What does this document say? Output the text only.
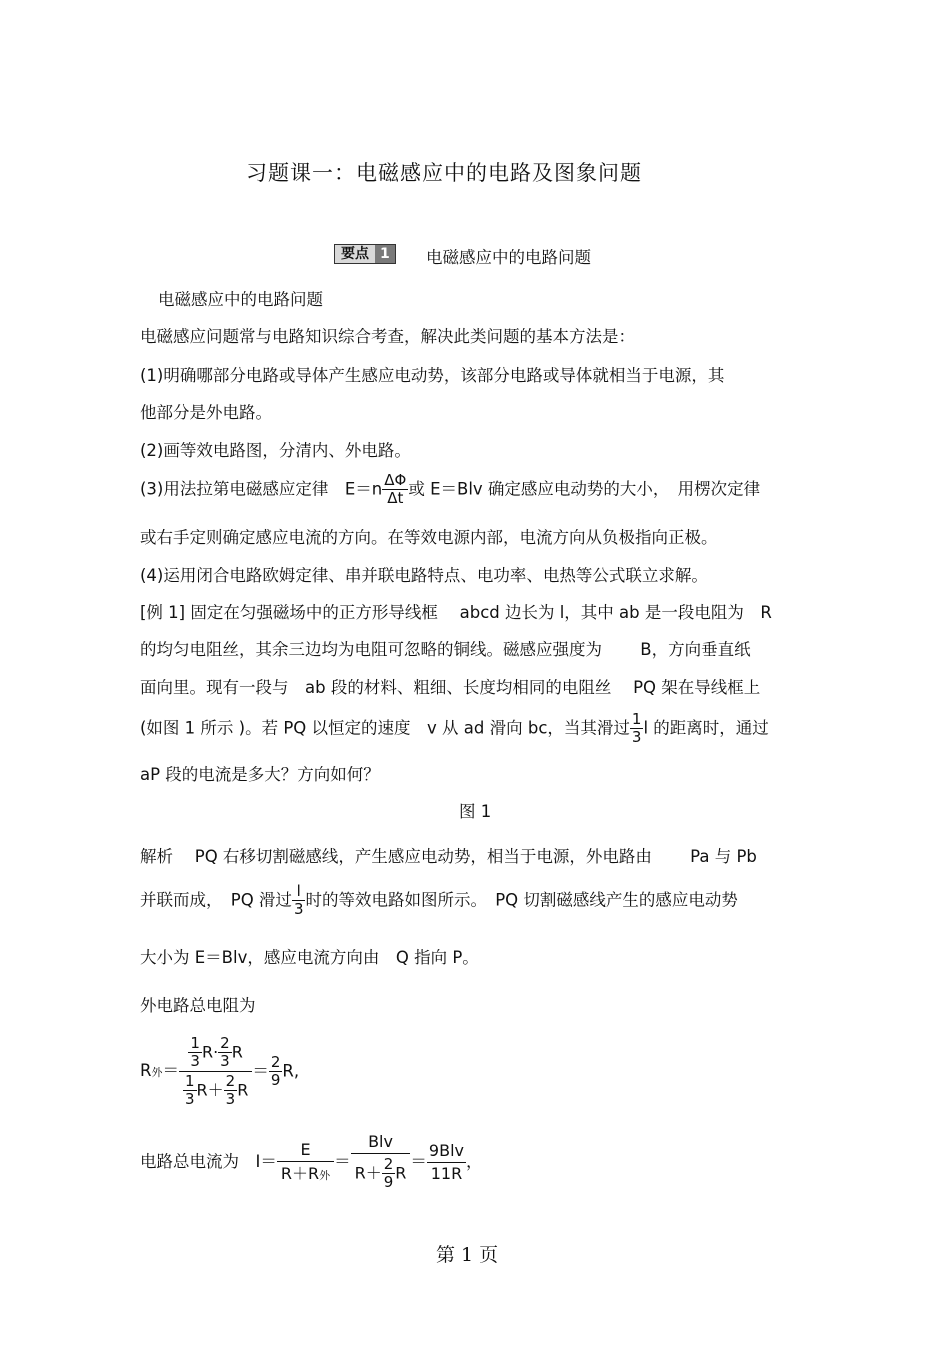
习题课一：电磁感应中的电路及图象问题
要点 1	电磁感应中的电路问题
电磁感应中的电路问题
电磁感应问题常与电路知识综合考查，解决此类问题的基本方法是：
(1)明确哪部分电路或导体产生感应电动势，该部分电路或导体就相当于电源，其
他部分是外电路。
(2)画等效电路图，分清内、外电路。
(3)用法拉第电磁感应定律　$E=n \frac{\Delta\Phi}{\Delta t}$ 或 E＝Blv 确定感应电动势的大小，　用楞次定律
或右手定则确定感应电流的方向。在等效电源内部，电流方向从负极指向正极。
(4)运用闭合电路欧姆定律、串并联电路特点、电功率、电热等公式联立求解。
[例 1] 固定在匀强磁场中的正方形导线框　 abcd 边长为 l，其中 ab 是一段电阻为　R
的均匀电阻丝，其余三边均为电阻可忽略的铜线。磁感应强度为　　 B，方向垂直纸
面向里。现有一段与　ab 段的材料、粗细、长度均相同的电阻丝　 PQ 架在导线框上
(如图 1 所示 )。若 PQ 以恒定的速度　v 从 ad 滑向 bc，当其滑过 $\frac{1}{3}$ l 的距离时，通过
aP 段的电流是多大？方向如何？
图 1
解析　 PQ 右移切割磁感线，产生感应电动势，相当于电源，外电路由　　 Pa 与 Pb
并联而成，　PQ 滑过 $\frac{l}{3}$ 时的等效电路如图所示。　PQ 切割磁感线产生的感应电动势
大小为 E＝Blv，感应电流方向由　Q 指向 P。
外电路总电阻为
R外＝ $\frac{\frac{1}{3} R\cdot \frac{2}{3} R}{\frac{1}{3} R+ \frac{2}{3} R} = \frac{2}{9} R$,
电路总电流为　$I= \frac{E}{\text{R＋R外}} = \frac{\text{Blv}}{R+ \frac{2}{9} R} = \frac{\text{9Blv}}{11R}$ ，
第 1 页
